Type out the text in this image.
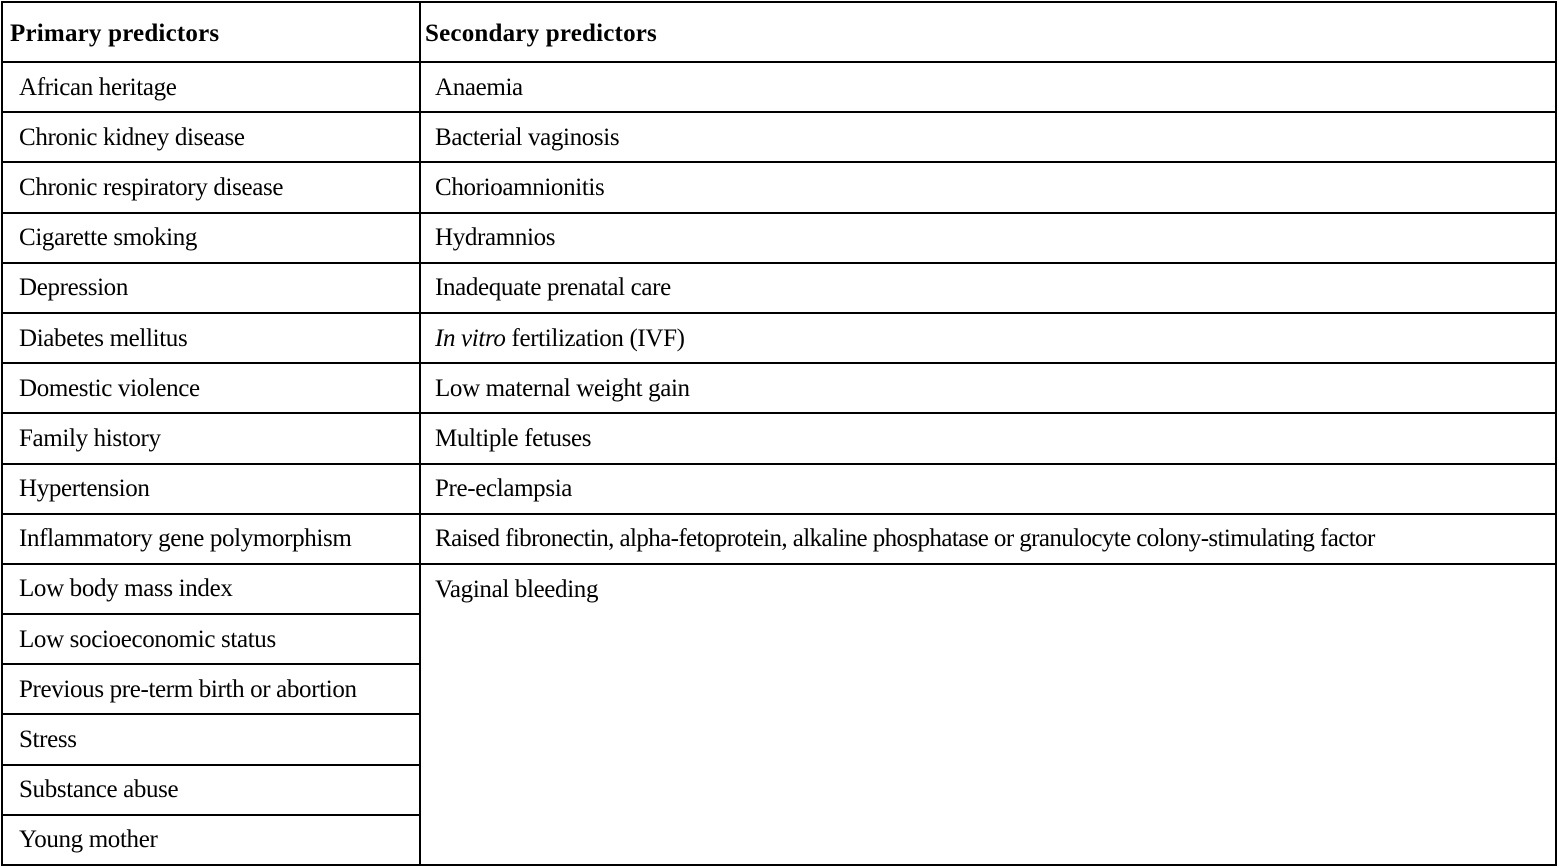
Primary predictors	Secondary predictors
African heritage	Anaemia
Chronic kidney disease	Bacterial vaginosis
Chronic respiratory disease	Chorioamnionitis
Cigarette smoking	Hydramnios
Depression	Inadequate prenatal care
Diabetes mellitus	In vitro fertilization (IVF)
Domestic violence	Low maternal weight gain
Family history	Multiple fetuses
Hypertension	Pre-eclampsia
Inflammatory gene polymorphism	Raised fibronectin, alpha-fetoprotein, alkaline phosphatase or granulocyte colony-stimulating factor
Low body mass index	Vaginal bleeding
Low socioeconomic status	
Previous pre-term birth or abortion	
Stress	
Substance abuse	
Young mother	
